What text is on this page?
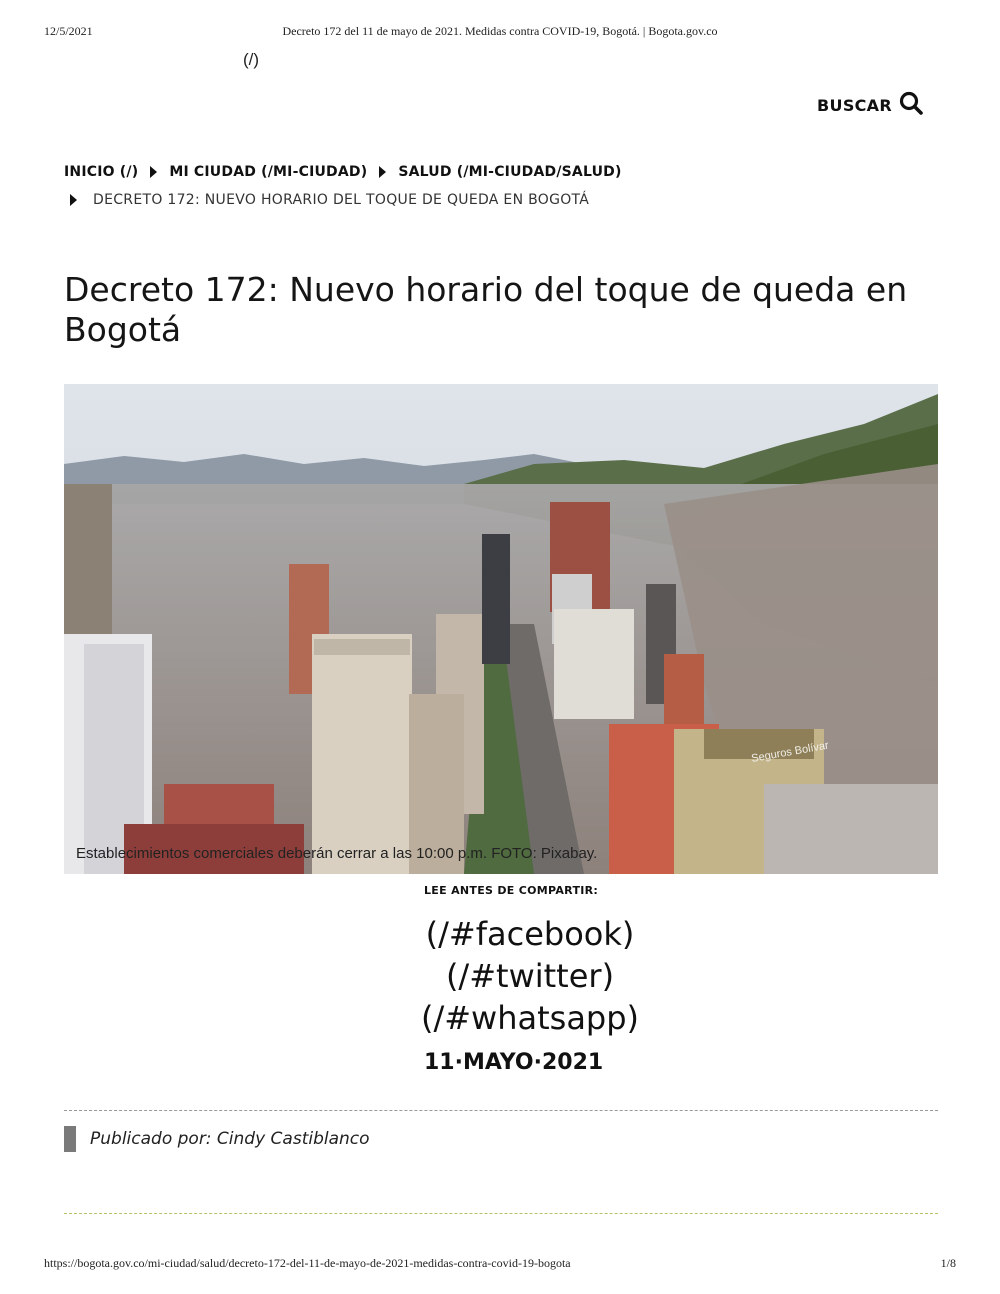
12/5/2021	Decreto 172 del 11 de mayo de 2021. Medidas contra COVID-19, Bogotá. | Bogota.gov.co
(/)
BUSCAR
INICIO (/) MI CIUDAD (/MI-CIUDAD) SALUD (/MI-CIUDAD/SALUD)
DECRETO 172: NUEVO HORARIO DEL TOQUE DE QUEDA EN BOGOTÁ
Decreto 172: Nuevo horario del toque de queda en Bogotá
Seguros Bolívar
Establecimientos comerciales deberán cerrar a las 10:00 p.m. FOTO: Pixabay.
LEE ANTES DE COMPARTIR:
(/#facebook)
(/#twitter)
(/#whatsapp)
11·MAYO·2021
Publicado por: Cindy Castiblanco
https://bogota.gov.co/mi-ciudad/salud/decreto-172-del-11-de-mayo-de-2021-medidas-contra-covid-19-bogota	1/8
